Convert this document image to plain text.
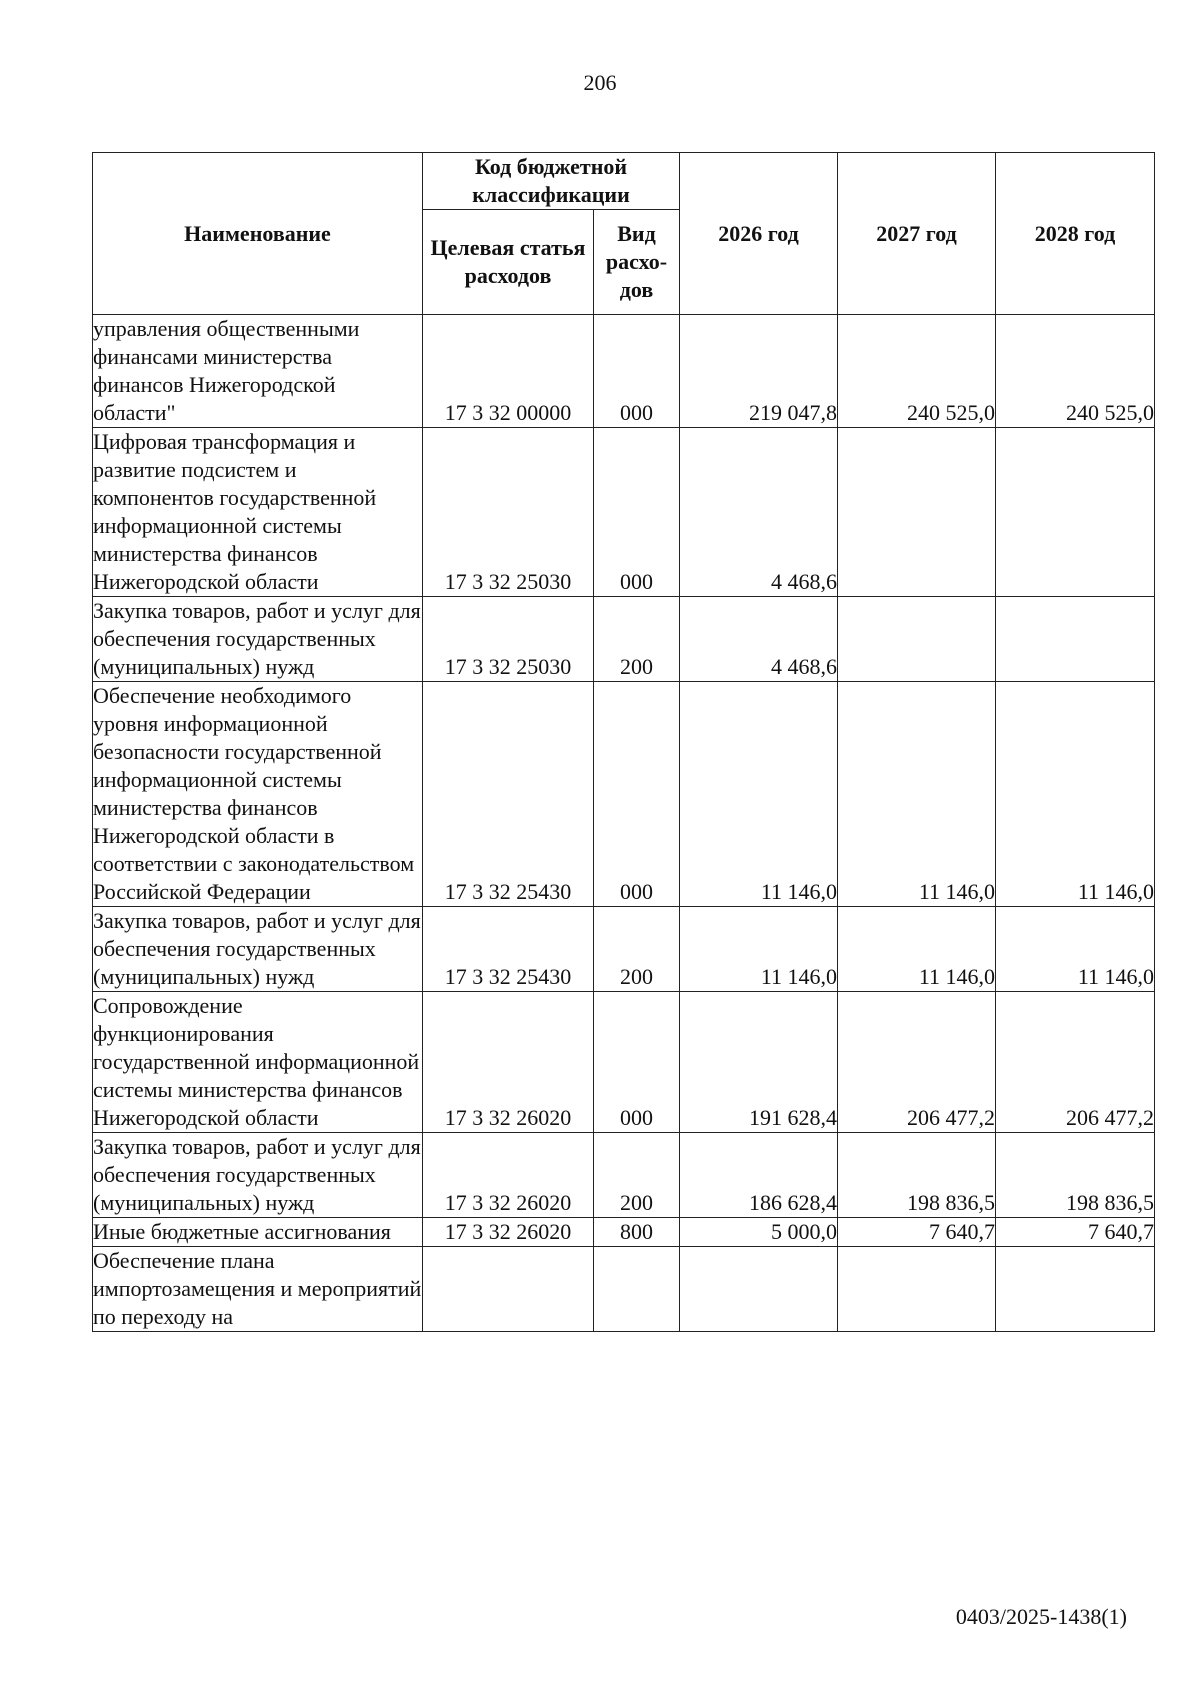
206
Наименование	Код бюджетной классификации		2026 год	2027 год	2028 год
	Целевая статья расходов	Вид расхо-дов			
управления общественными финансами министерства финансов Нижегородской области"	17 3 32 00000	000	219 047,8	240 525,0	240 525,0
Цифровая трансформация и развитие подсистем и компонентов государственной информационной системы министерства финансов Нижегородской области	17 3 32 25030	000	4 468,6		
Закупка товаров, работ и услуг для обеспечения государственных (муниципальных) нужд	17 3 32 25030	200	4 468,6		
Обеспечение необходимого уровня информационной безопасности государственной информационной системы министерства финансов Нижегородской области в соответствии с законодательством Российской Федерации	17 3 32 25430	000	11 146,0	11 146,0	11 146,0
Закупка товаров, работ и услуг для обеспечения государственных (муниципальных) нужд	17 3 32 25430	200	11 146,0	11 146,0	11 146,0
Сопровождение функционирования государственной информационной системы министерства финансов Нижегородской области	17 3 32 26020	000	191 628,4	206 477,2	206 477,2
Закупка товаров, работ и услуг для обеспечения государственных (муниципальных) нужд	17 3 32 26020	200	186 628,4	198 836,5	198 836,5
Иные бюджетные ассигнования	17 3 32 26020	800	5 000,0	7 640,7	7 640,7
Обеспечение плана импортозамещения и мероприятий по переходу на					
0403/2025-1438(1)
